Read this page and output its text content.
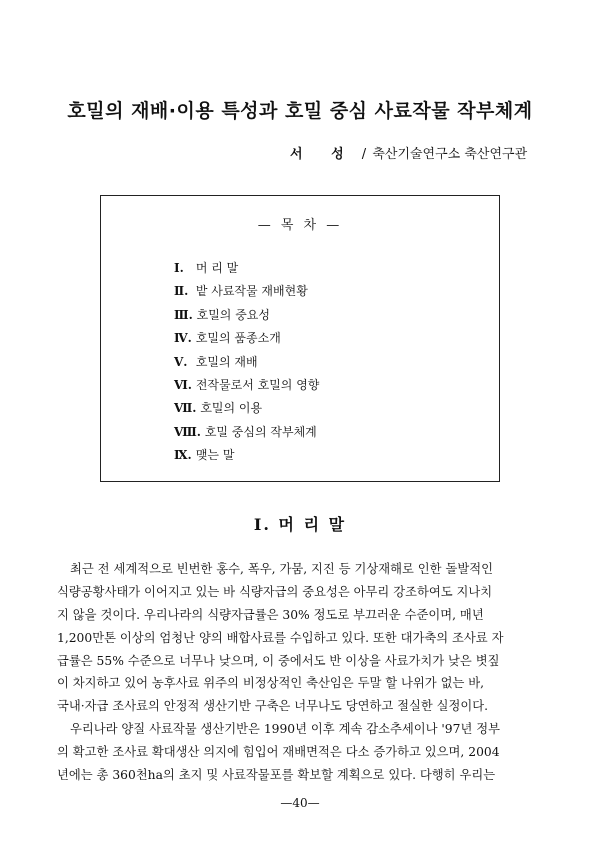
호밀의 재배·이용 특성과 호밀 중심 사료작물 작부체계
서 성 / 축산기술연구소 축산연구관
— 목 차 —
Ⅰ. 머 리 말
Ⅱ. 밭 사료작물 재배현황
Ⅲ. 호밀의 중요성
Ⅳ. 호밀의 품종소개
Ⅴ. 호밀의 재배
Ⅵ. 전작물로서 호밀의 영향
Ⅶ. 호밀의 이용
Ⅷ. 호밀 중심의 작부체계
Ⅸ. 맺는 말
Ⅰ. 머 리 말
최근 전 세계적으로 빈번한 홍수, 폭우, 가뭄, 지진 등 기상재해로 인한 돌발적인
식량공황사태가 이어지고 있는 바 식량자급의 중요성은 아무리 강조하여도 지나치
지 않을 것이다. 우리나라의 식량자급률은 30% 정도로 부끄러운 수준이며, 매년
1,200만톤 이상의 엄청난 양의 배합사료를 수입하고 있다. 또한 대가축의 조사료 자
급률은 55% 수준으로 너무나 낮으며, 이 중에서도 반 이상을 사료가치가 낮은 볏짚
이 차지하고 있어 농후사료 위주의 비정상적인 축산임은 두말 할 나위가 없는 바,
국내·자급 조사료의 안정적 생산기반 구축은 너무나도 당연하고 절실한 실정이다.
우리나라 양질 사료작물 생산기반은 1990년 이후 계속 감소추세이나 '97년 정부
의 확고한 조사료 확대생산 의지에 힘입어 재배면적은 다소 증가하고 있으며, 2004
년에는 총 360천ha의 초지 및 사료작물포를 확보할 계획으로 있다. 다행히 우리는
—40—
